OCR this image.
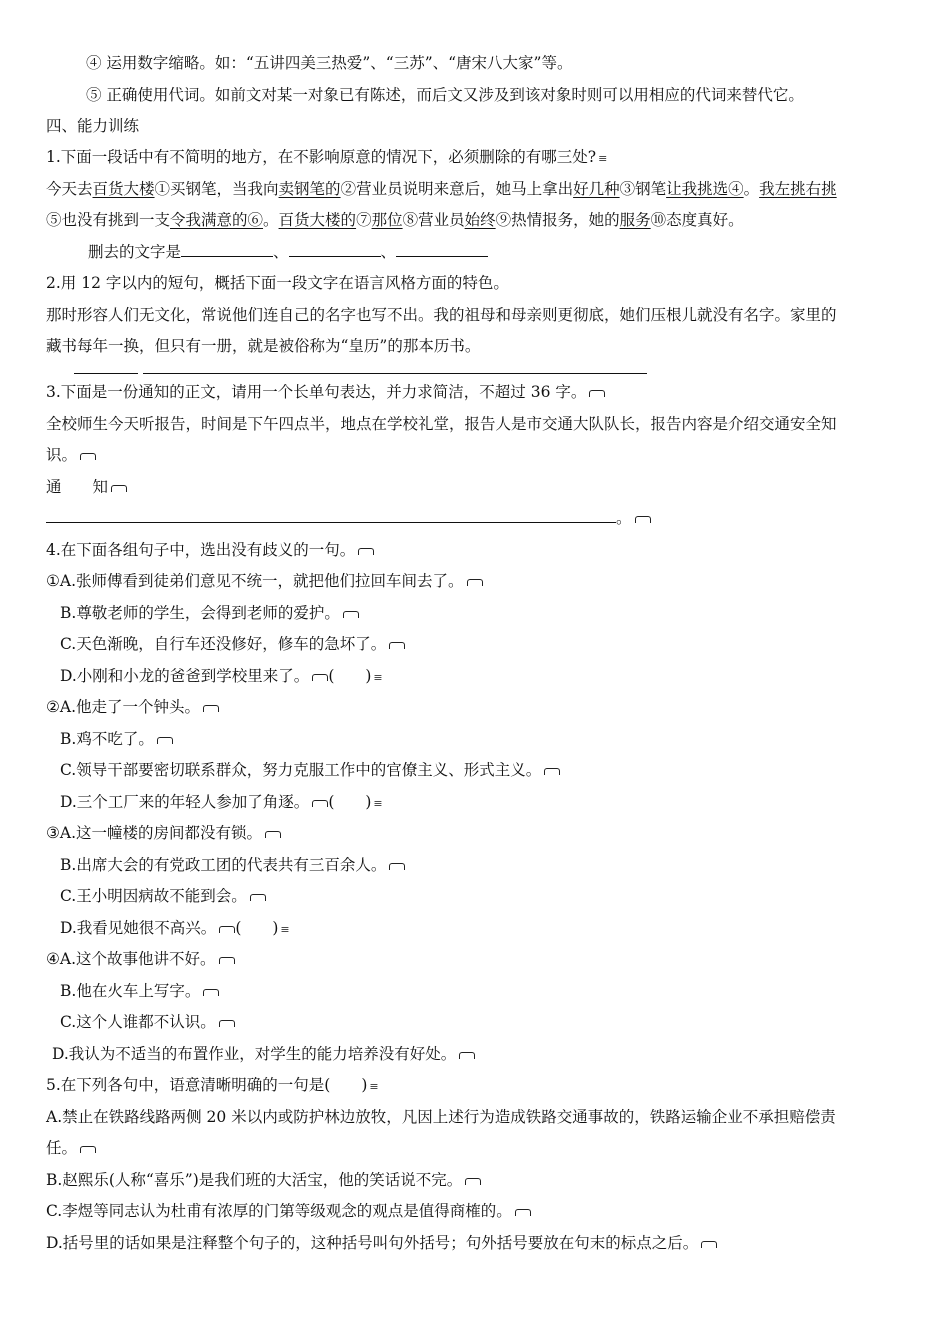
④ 运用数字缩略。如：“五讲四美三热爱”、“三苏”、“唐宋八大家”等。
⑤ 正确使用代词。如前文对某一对象已有陈述，而后文又涉及到该对象时则可以用相应的代词来替代它。
四、能力训练
1.下面一段话中有不简明的地方，在不影响原意的情况下，必须删除的有哪三处? ≡
今天去百货大楼①买钢笔，当我向卖钢笔的②营业员说明来意后，她马上拿出好几种③钢笔让我挑选④。我左挑右挑
⑤也没有挑到一支令我满意的⑥。百货大楼的⑦那位⑧营业员始终⑨热情报务，她的服务⑩态度真好。
删去的文字是	、	、
2.用 12 字以内的短句，概括下面一段文字在语言风格方面的特色。
那时形容人们无文化，常说他们连自己的名字也写不出。我的祖母和母亲则更彻底，她们压根儿就没有名字。家里的
藏书每年一换，但只有一册，就是被俗称为“皇历”的那本历书。

3.下面是一份通知的正文，请用一个长单句表达，并力求简洁，不超过 36 字。
全校师生今天听报告，时间是下午四点半，地点在学校礼堂，报告人是市交通大队队长，报告内容是介绍交通安全知
识。
通　　知
。
4.在下面各组句子中，选出没有歧义的一句。
①A.张师傅看到徒弟们意见不统一，就把他们拉回车间去了。
B.尊敬老师的学生，会得到老师的爱护。
C.天色渐晚，自行车还没修好，修车的急坏了。
D.小刚和小龙的爸爸到学校里来了。 (　　) ≡
②A.他走了一个钟头。
B.鸡不吃了。
C.领导干部要密切联系群众，努力克服工作中的官僚主义、形式主义。
D.三个工厂来的年轻人参加了角逐。 (　　) ≡
③A.这一幢楼的房间都没有锁。
B.出席大会的有党政工团的代表共有三百余人。
C.王小明因病故不能到会。
D.我看见她很不高兴。 (　　) ≡
④A.这个故事他讲不好。
B.他在火车上写字。
C.这个人谁都不认识。
D.我认为不适当的布置作业，对学生的能力培养没有好处。
5.在下列各句中，语意清晰明确的一句是(　　) ≡
A.禁止在铁路线路两侧 20 米以内或防护林边放牧，凡因上述行为造成铁路交通事故的，铁路运输企业不承担赔偿责
任。
B.赵熙乐(人称“喜乐”)是我们班的大活宝，他的笑话说不完。
C.李煜等同志认为杜甫有浓厚的门第等级观念的观点是值得商榷的。
D.括号里的话如果是注释整个句子的，这种括号叫句外括号；句外括号要放在句末的标点之后。
